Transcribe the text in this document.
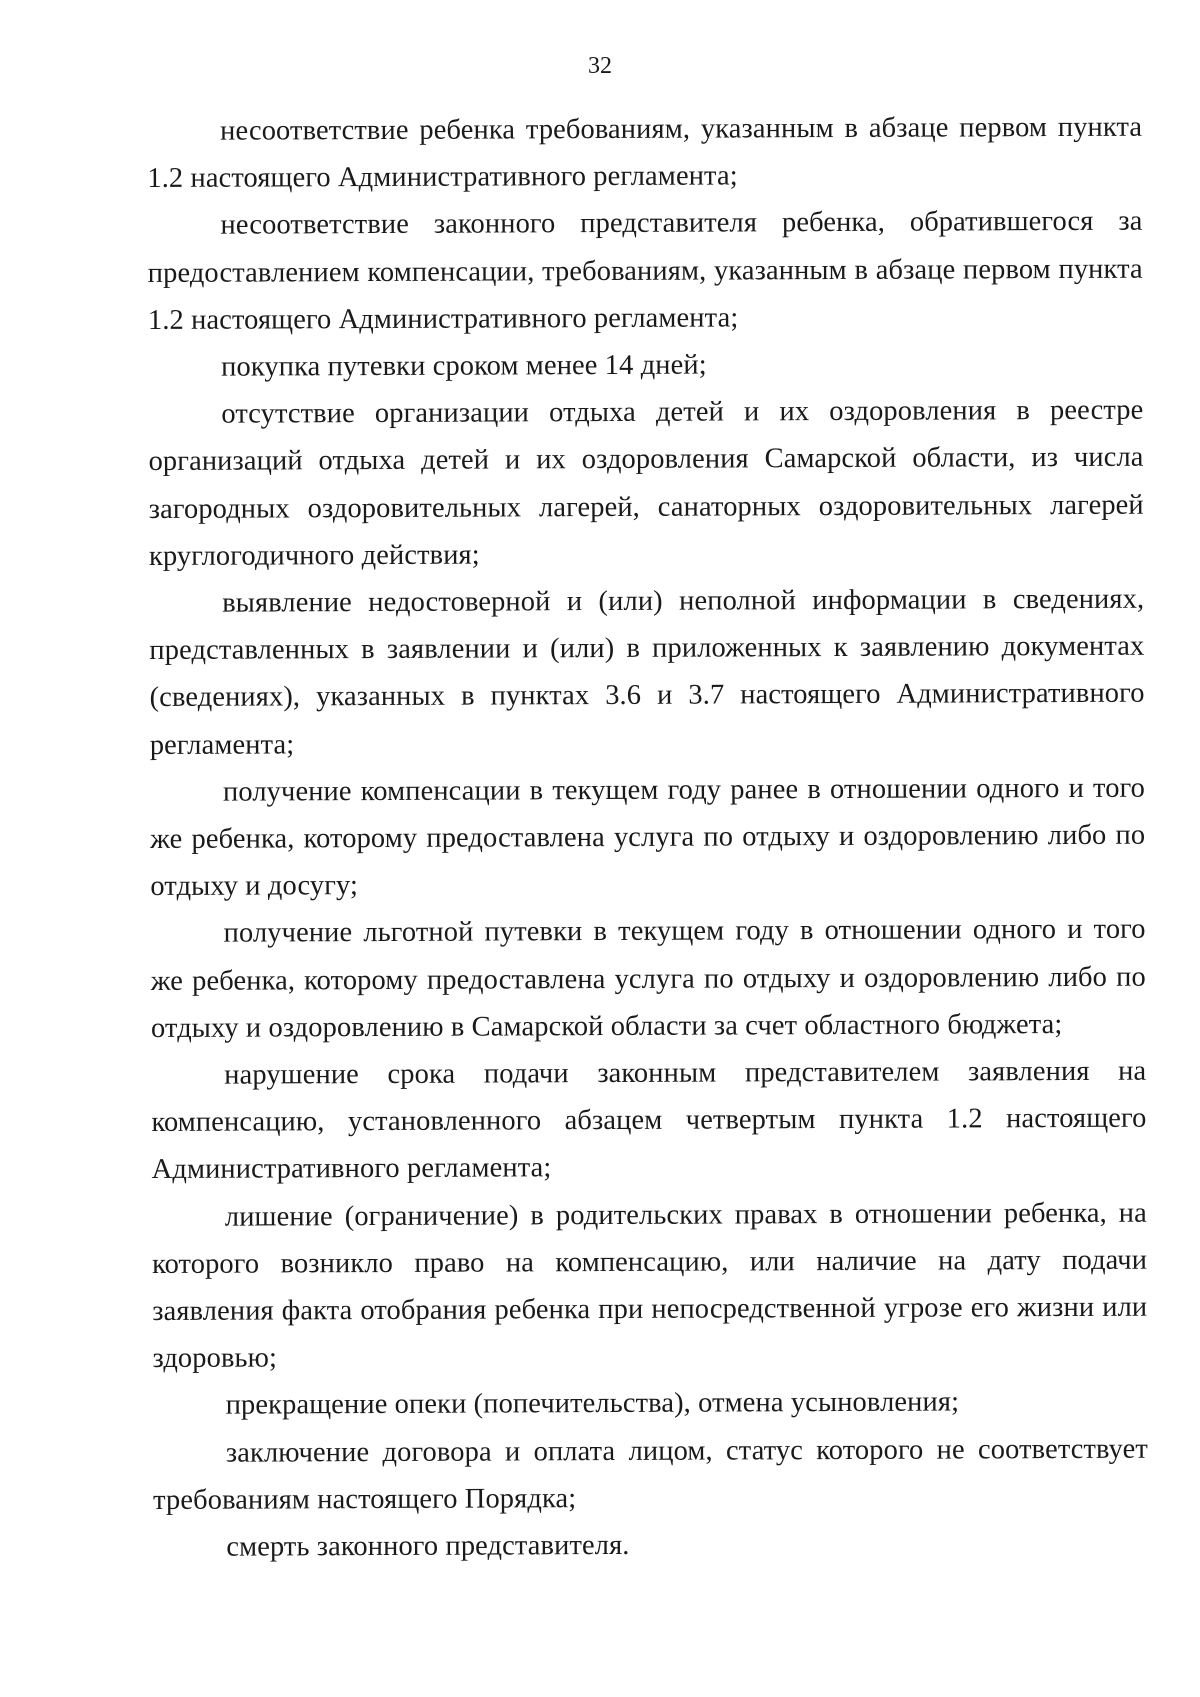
32

несоответствие ребенка требованиям, указанным в абзаце первом пункта 1.2 настоящего Административного регламента;

несоответствие законного представителя ребенка, обратившегося за предоставлением компенсации, требованиям, указанным в абзаце первом пункта 1.2 настоящего Административного регламента;

покупка путевки сроком менее 14 дней;

отсутствие организации отдыха детей и их оздоровления в реестре организаций отдыха детей и их оздоровления Самарской области, из числа загородных оздоровительных лагерей, санаторных оздоровительных лагерей круглогодичного действия;

выявление недостоверной и (или) неполной информации в сведениях, представленных в заявлении и (или) в приложенных к заявлению документах (сведениях), указанных в пунктах 3.6 и 3.7 настоящего Административного регламента;

получение компенсации в текущем году ранее в отношении одного и того же ребенка, которому предоставлена услуга по отдыху и оздоровлению либо по отдыху и досугу;

получение льготной путевки в текущем году в отношении одного и того же ребенка, которому предоставлена услуга по отдыху и оздоровлению либо по отдыху и оздоровлению в Самарской области за счет областного бюджета;

нарушение срока подачи законным представителем заявления на компенсацию, установленного абзацем четвертым пункта 1.2 настоящего Административного регламента;

лишение (ограничение) в родительских правах в отношении ребенка, на которого возникло право на компенсацию, или наличие на дату подачи заявления факта отобрания ребенка при непосредственной угрозе его жизни или здоровью;

прекращение опеки (попечительства), отмена усыновления;

заключение договора и оплата лицом, статус которого не соответствует требованиям настоящего Порядка;

смерть законного представителя.
